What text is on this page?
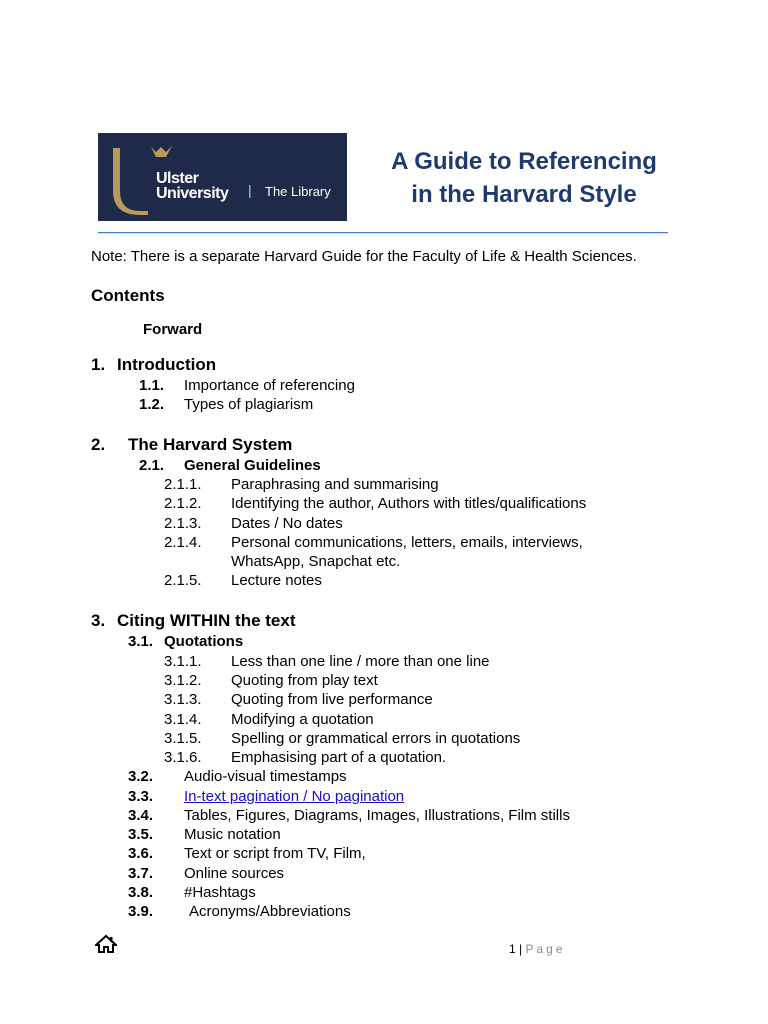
Ulster
University | The Library
A Guide to Referencing
in the Harvard Style
Note: There is a separate Harvard Guide for the Faculty of Life & Health Sciences.
Contents
Forward
1. Introduction
1.1. Importance of referencing
1.2. Types of plagiarism
2. The Harvard System
2.1. General Guidelines
2.1.1. Paraphrasing and summarising
2.1.2. Identifying the author, Authors with titles/qualifications
2.1.3. Dates / No dates
2.1.4. Personal communications, letters, emails, interviews,
WhatsApp, Snapchat etc.
2.1.5. Lecture notes
3. Citing WITHIN the text
3.1. Quotations
3.1.1. Less than one line / more than one line
3.1.2. Quoting from play text
3.1.3. Quoting from live performance
3.1.4. Modifying a quotation
3.1.5. Spelling or grammatical errors in quotations
3.1.6. Emphasising part of a quotation.
3.2. Audio-visual timestamps
3.3. In-text pagination / No pagination
3.4. Tables, Figures, Diagrams, Images, Illustrations, Film stills
3.5. Music notation
3.6. Text or script from TV, Film,
3.7. Online sources
3.8. #Hashtags
3.9. Acronyms/Abbreviations
1 | Page
